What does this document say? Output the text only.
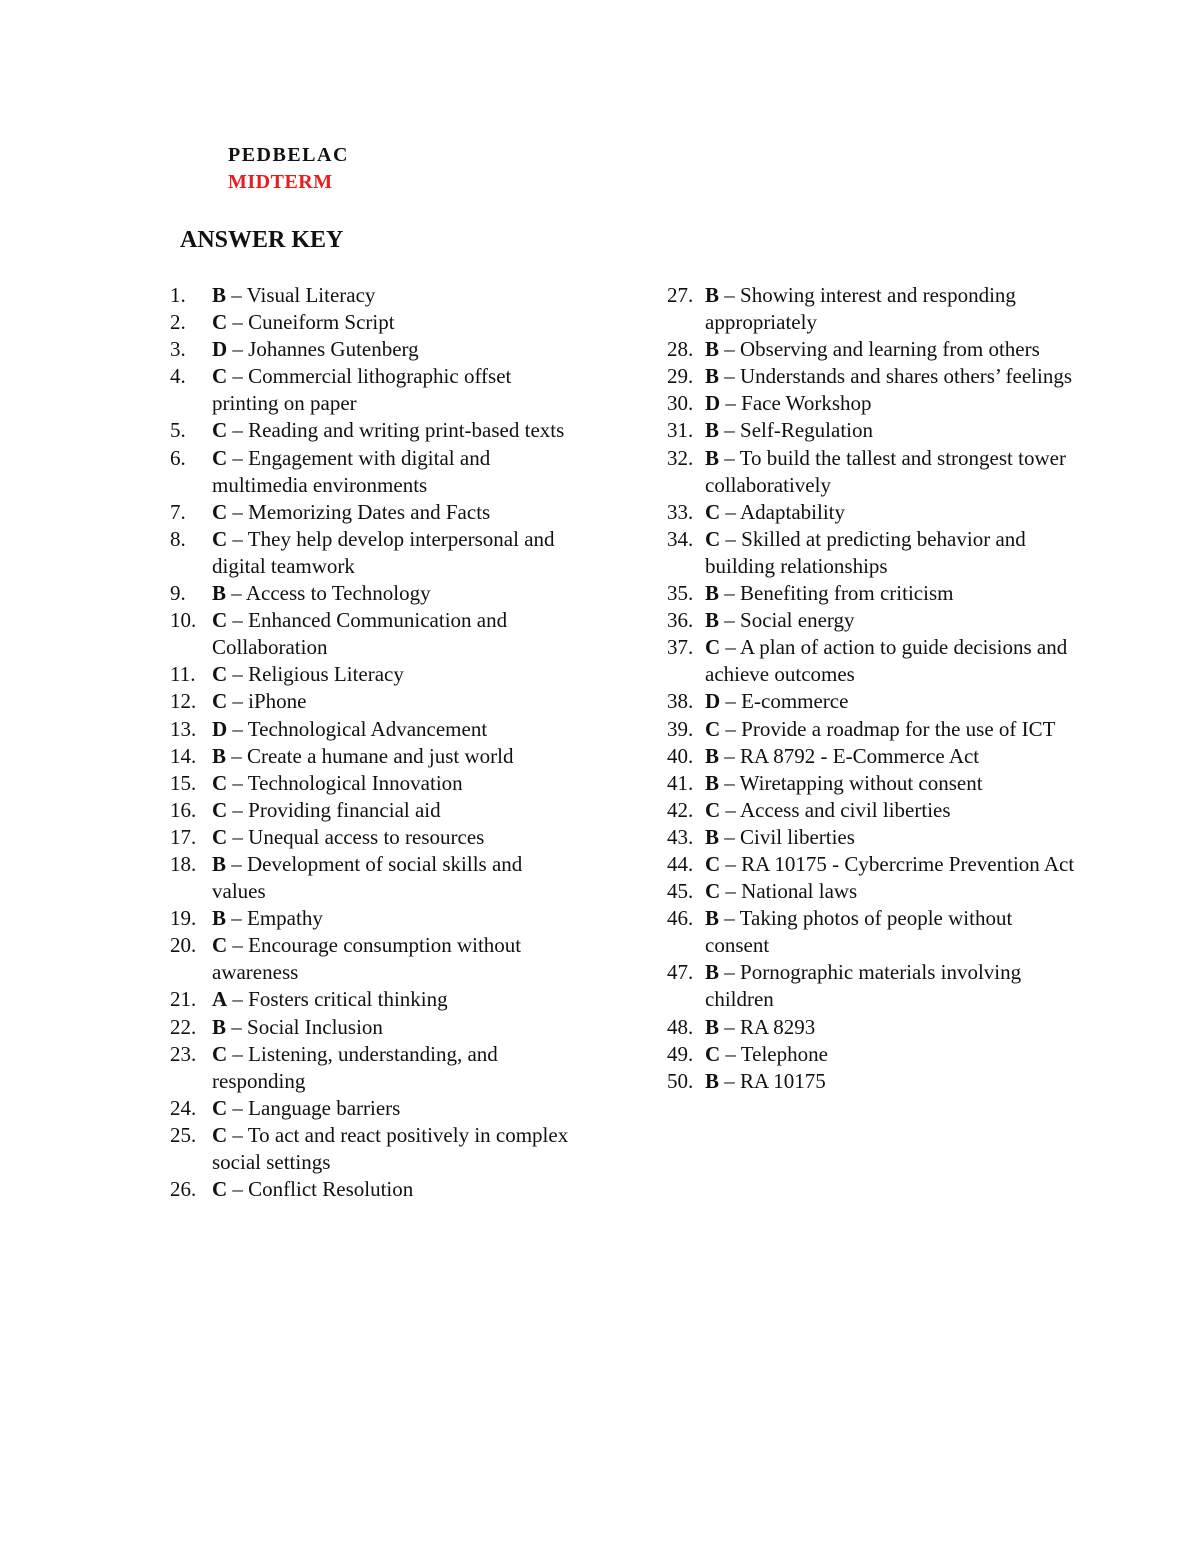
PEDBELAC
MIDTERM
ANSWER KEY
1.	B – Visual Literacy
2.	C – Cuneiform Script
3.	D – Johannes Gutenberg
4.	C – Commercial lithographic offset printing on paper
5.	C – Reading and writing print-based texts
6.	C – Engagement with digital and multimedia environments
7.	C – Memorizing Dates and Facts
8.	C – They help develop interpersonal and digital teamwork
9.	B – Access to Technology
10. C – Enhanced Communication and Collaboration
11. C – Religious Literacy
12. C – iPhone
13. D – Technological Advancement
14. B – Create a humane and just world
15. C – Technological Innovation
16. C – Providing financial aid
17. C – Unequal access to resources
18. B – Development of social skills and values
19. B – Empathy
20. C – Encourage consumption without awareness
21. A – Fosters critical thinking
22. B – Social Inclusion
23. C – Listening, understanding, and responding
24. C – Language barriers
25. C – To act and react positively in complex social settings
26. C – Conflict Resolution
27. B – Showing interest and responding appropriately
28. B – Observing and learning from others
29. B – Understands and shares others’ feelings
30. D – Face Workshop
31. B – Self-Regulation
32. B – To build the tallest and strongest tower collaboratively
33. C – Adaptability
34. C – Skilled at predicting behavior and building relationships
35. B – Benefiting from criticism
36. B – Social energy
37. C – A plan of action to guide decisions and achieve outcomes
38. D – E-commerce
39. C – Provide a roadmap for the use of ICT
40. B – RA 8792 - E-Commerce Act
41. B – Wiretapping without consent
42. C – Access and civil liberties
43. B – Civil liberties
44. C – RA 10175 - Cybercrime Prevention Act
45. C – National laws
46. B – Taking photos of people without consent
47. B – Pornographic materials involving children
48. B – RA 8293
49. C – Telephone
50. B – RA 10175
